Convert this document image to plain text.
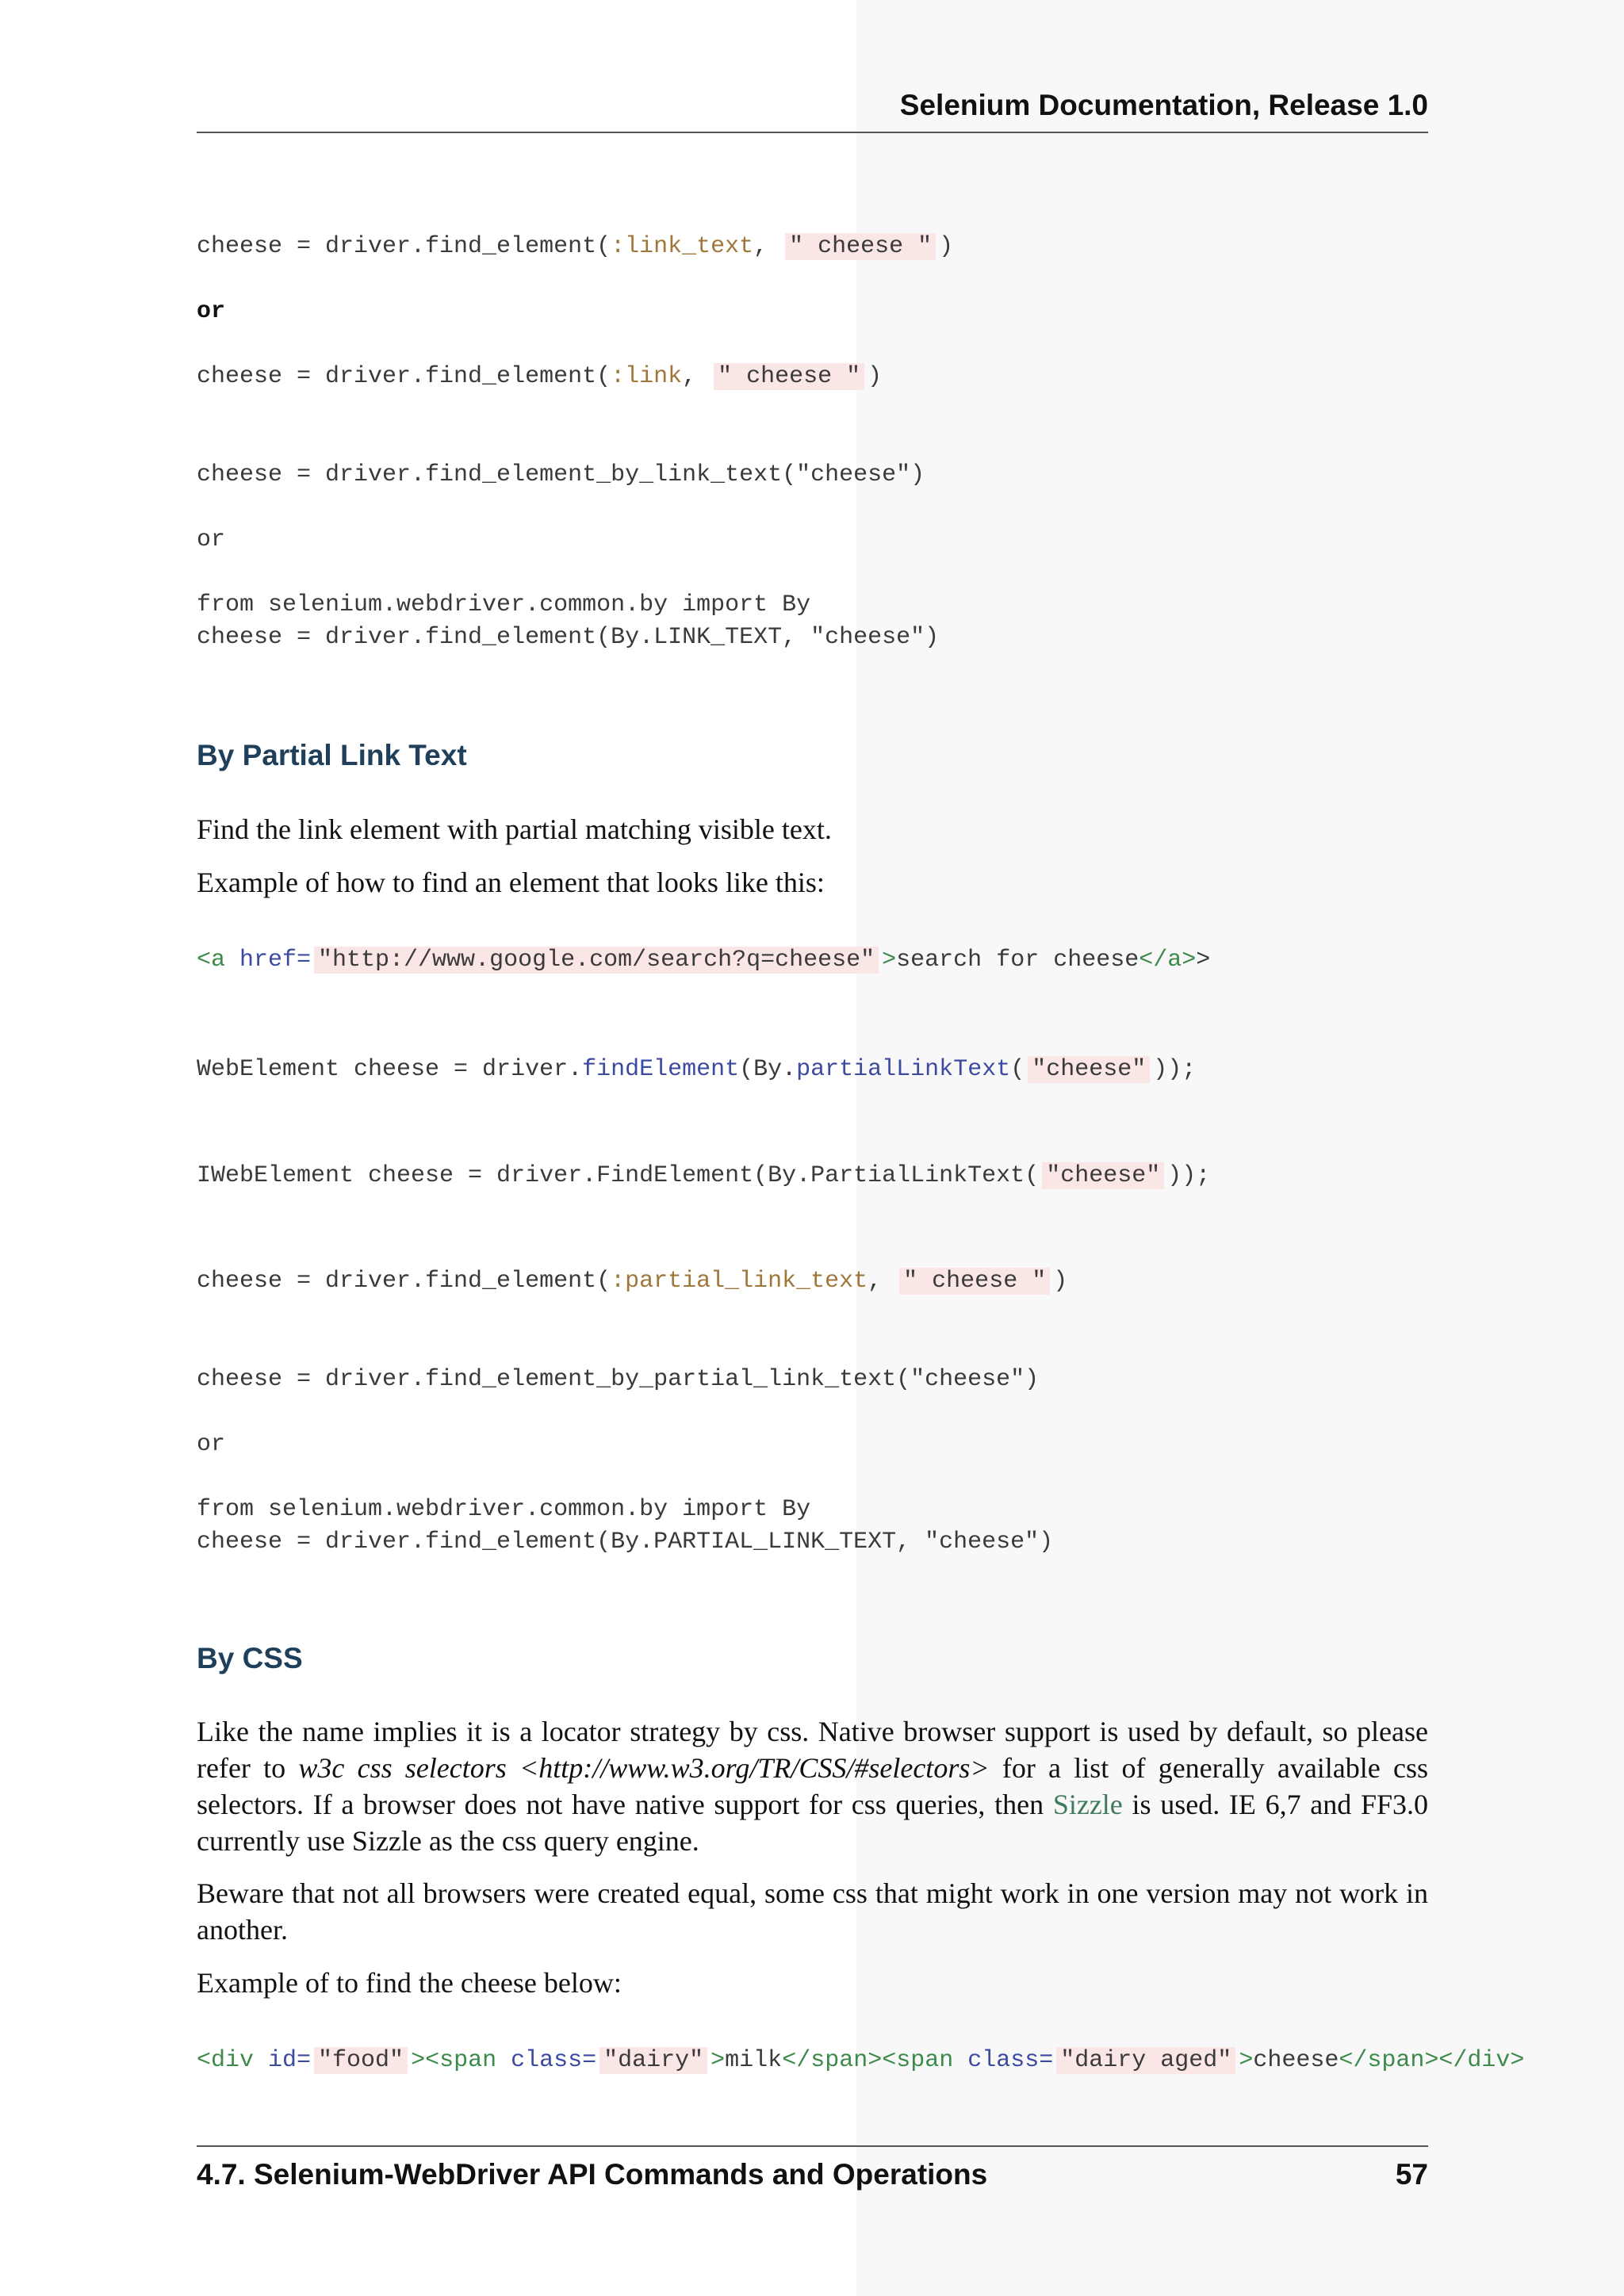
Selenium Documentation, Release 1.0
cheese = driver.find_element(:link_text, " cheese " )
or
cheese = driver.find_element(:link, " cheese " )
cheese = driver.find_element_by_link_text("cheese")
or
from selenium.webdriver.common.by import By
cheese = driver.find_element(By.LINK_TEXT, "cheese")
By Partial Link Text

Find the link element with partial matching visible text.

Example of how to find an element that looks like this:

<a href= "http://www.google.com/search?q=cheese" >search for cheese</a>>
WebElement cheese = driver.findElement(By.partialLinkText( "cheese" ));
IWebElement cheese = driver.FindElement(By.PartialLinkText( "cheese" ));
cheese = driver.find_element(:partial_link_text, " cheese " )
cheese = driver.find_element_by_partial_link_text("cheese")
or
from selenium.webdriver.common.by import By
cheese = driver.find_element(By.PARTIAL_LINK_TEXT, "cheese")
By CSS

Like the name implies it is a locator strategy by css. Native browser support is used by default, so please refer to w3c css selectors <http://www.w3.org/TR/CSS/#selectors> for a list of generally available css selectors. If a browser does not have native support for css queries, then Sizzle is used. IE 6,7 and FF3.0 currently use Sizzle as the css query engine.

Beware that not all browsers were created equal, some css that might work in one version may not work in another.

Example of to find the cheese below:

<div id= "food" ><span class= "dairy" >milk</span><span class= "dairy aged" >cheese</span></div>
4.7. Selenium-WebDriver API Commands and Operations	57
